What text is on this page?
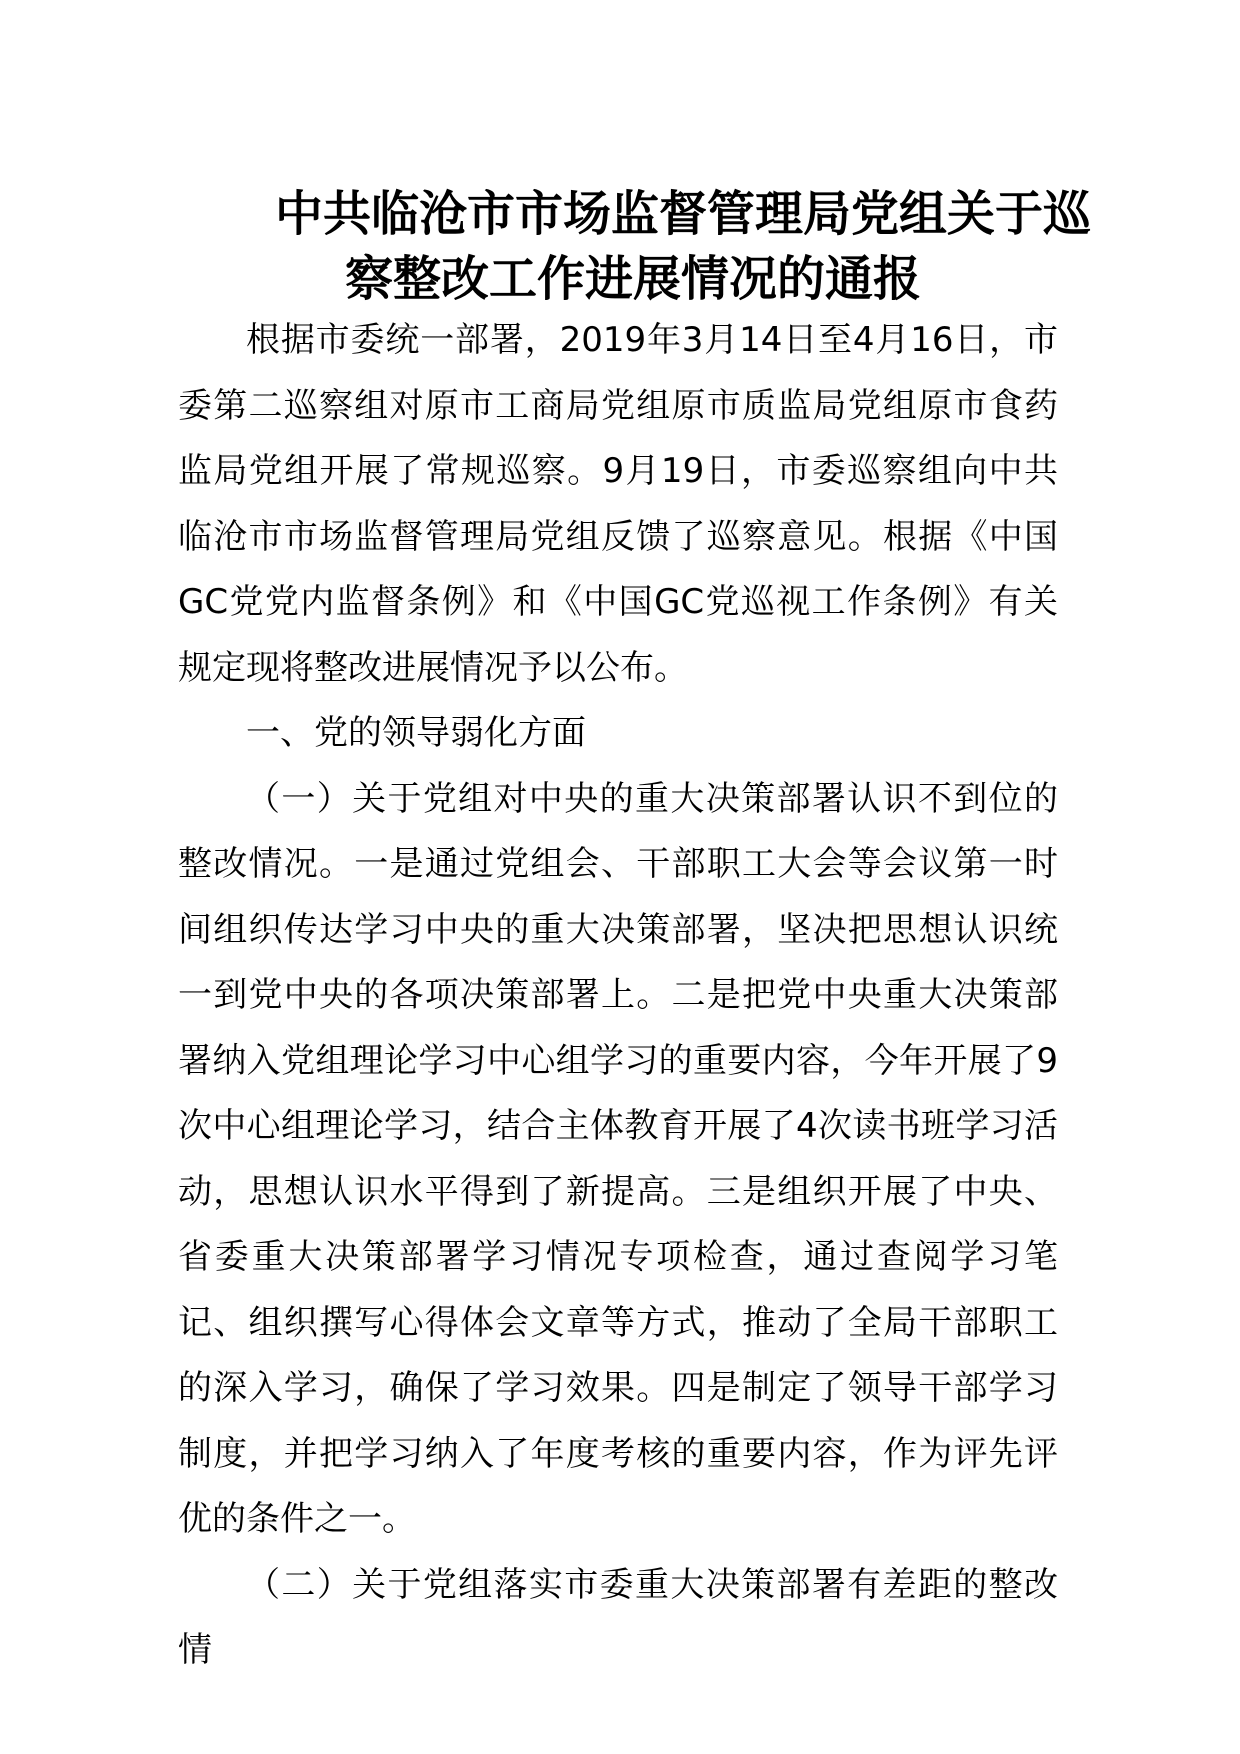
中共临沧市市场监督管理局党组关于巡
察整改工作进展情况的通报

根据市委统一部署，2019年3月14日至4月16日，市委第二巡察组对原市工商局党组原市质监局党组原市食药监局党组开展了常规巡察。9月19日，市委巡察组向中共临沧市市场监督管理局党组反馈了巡察意见。根据《中国GC党党内监督条例》和《中国GC党巡视工作条例》有关规定现将整改进展情况予以公布。

一、党的领导弱化方面

（一）关于党组对中央的重大决策部署认识不到位的整改情况。一是通过党组会、干部职工大会等会议第一时间组织传达学习中央的重大决策部署，坚决把思想认识统一到党中央的各项决策部署上。二是把党中央重大决策部署纳入党组理论学习中心组学习的重要内容，今年开展了9次中心组理论学习，结合主体教育开展了4次读书班学习活动，思想认识水平得到了新提高。三是组织开展了中央、省委重大决策部署学习情况专项检查，通过查阅学习笔记、组织撰写心得体会文章等方式，推动了全局干部职工的深入学习，确保了学习效果。四是制定了领导干部学习制度，并把学习纳入了年度考核的重要内容，作为评先评优的条件之一。

（二）关于党组落实市委重大决策部署有差距的整改情
